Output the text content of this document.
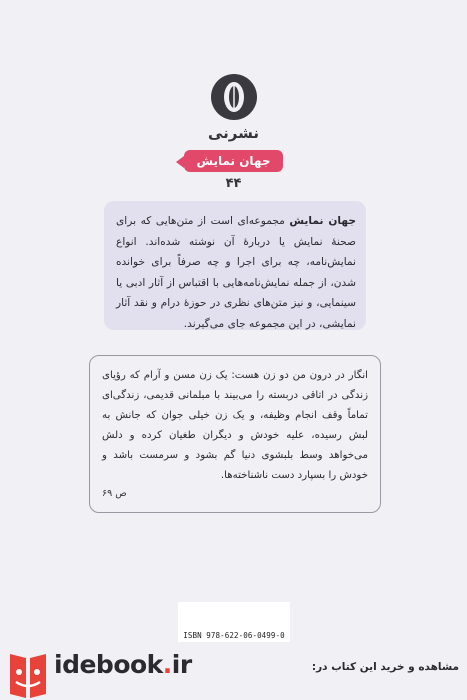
نشرنی
جهان نمایش
۴۴
جهان نمایش مجموعه‌ای است از متن‌هایی که برای صحنهٔ نمایش یا دربارهٔ آن نوشته شده‌اند. انواع نمایش‌نامه، چه برای اجرا و چه صرفاً برای خوانده شدن، از جمله نمایش‌نامه‌هایی با اقتباس از آثار ادبی یا سینمایی، و نیز متن‌های نظری در حوزهٔ درام و نقد آثار نمایشی، در این مجموعه جای می‌گیرند.

انگار در درون من دو زن هست: یک زن مسن و آرام که رؤیای زندگی در اتاقی دربسته را می‌بیند با مبلمانی قدیمی، زندگی‌ای تماماً وقف انجام وظیفه، و یک زن خیلی جوان که جانش به لبش رسیده، علیه خودش و دیگران طغیان کرده و دلش می‌خواهد وسط بلبشوی دنیا گم بشود و سرمست باشد و خودش را بسپارد دست ناشناخته‌ها.

ص ۶۹
ISBN 978-622-06-0499-0
idebook.ir	مشاهده و خرید این کتاب در:
